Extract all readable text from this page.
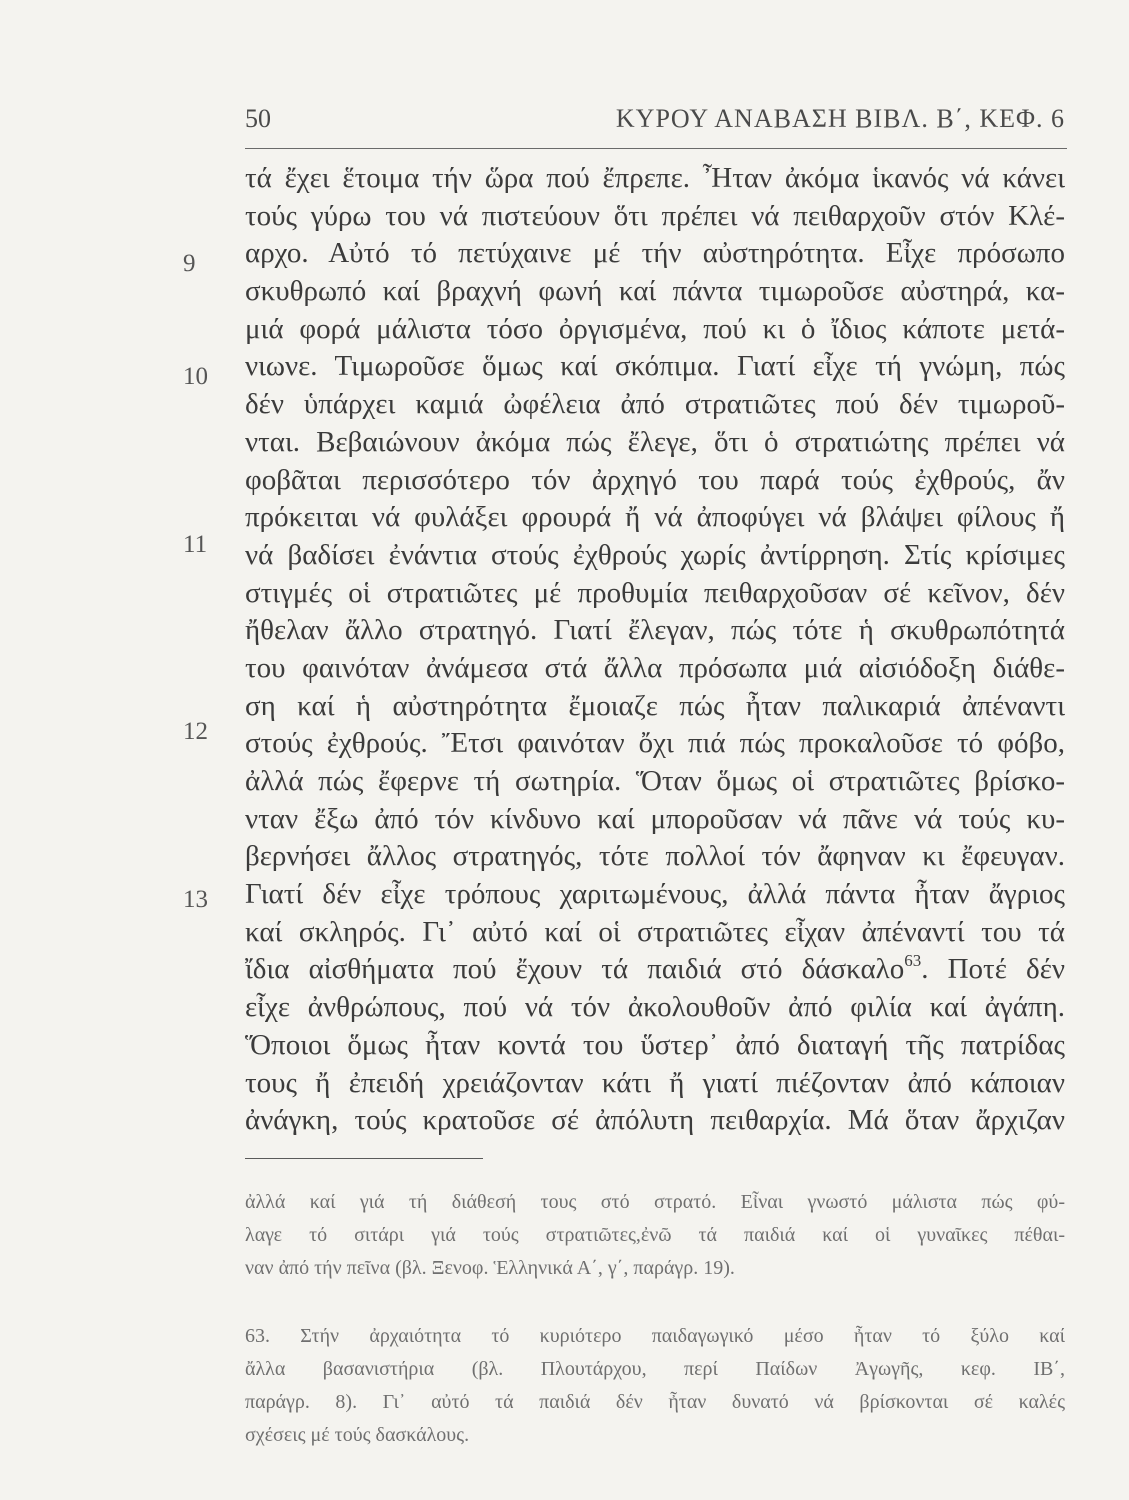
50	ΚΥΡΟΥ ΑΝΑΒΑΣΗ ΒΙΒΛ. Β΄, ΚΕΦ. 6
9
10
11
12
13
τά ἔχει ἕτοιμα τήν ὥρα πού ἔπρεπε. Ἦταν ἀκόμα ἱκανός νά κάνει
τούς γύρω του νά πιστεύουν ὅτι πρέπει νά πειθαρχοῦν στόν Κλέ-
αρχο. Αὐτό τό πετύχαινε μέ τήν αὐστηρότητα. Εἶχε πρόσωπο
σκυθρωπό καί βραχνή φωνή καί πάντα τιμωροῦσε αὐστηρά, κα-
μιά φορά μάλιστα τόσο ὀργισμένα, πού κι ὁ ἴδιος κάποτε μετά-
νιωνε. Τιμωροῦσε ὅμως καί σκόπιμα. Γιατί εἶχε τή γνώμη, πώς
δέν ὑπάρχει καμιά ὠφέλεια ἀπό στρατιῶτες πού δέν τιμωροῦ-
νται. Βεβαιώνουν ἀκόμα πώς ἔλεγε, ὅτι ὁ στρατιώτης πρέπει νά
φοβᾶται περισσότερο τόν ἀρχηγό του παρά τούς ἐχθρούς, ἄν
πρόκειται νά φυλάξει φρουρά ἤ νά ἀποφύγει νά βλάψει φίλους ἤ
νά βαδίσει ἐνάντια στούς ἐχθρούς χωρίς ἀντίρρηση. Στίς κρίσιμες
στιγμές οἱ στρατιῶτες μέ προθυμία πειθαρχοῦσαν σέ κεῖνον, δέν
ἤθελαν ἄλλο στρατηγό. Γιατί ἔλεγαν, πώς τότε ἡ σκυθρωπότητά
του φαινόταν ἀνάμεσα στά ἄλλα πρόσωπα μιά αἰσιόδοξη διάθε-
ση καί ἡ αὐστηρότητα ἔμοιαζε πώς ἦταν παλικαριά ἀπέναντι
στούς ἐχθρούς. Ἔτσι φαινόταν ὄχι πιά πώς προκαλοῦσε τό φόβο,
ἀλλά πώς ἔφερνε τή σωτηρία. Ὅταν ὅμως οἱ στρατιῶτες βρίσκο-
νταν ἔξω ἀπό τόν κίνδυνο καί μποροῦσαν νά πᾶνε νά τούς κυ-
βερνήσει ἄλλος στρατηγός, τότε πολλοί τόν ἄφηναν κι ἔφευγαν.
Γιατί δέν εἶχε τρόπους χαριτωμένους, ἀλλά πάντα ἦταν ἄγριος
καί σκληρός. Γι᾽ αὐτό καί οἱ στρατιῶτες εἶχαν ἀπέναντί του τά
ἴδια αἰσθήματα πού ἔχουν τά παιδιά στό δάσκαλο$^{63}$. Ποτέ δέν
εἶχε ἀνθρώπους, πού νά τόν ἀκολουθοῦν ἀπό φιλία καί ἀγάπη.
Ὅποιοι ὅμως ἦταν κοντά του ὕστερ᾽ ἀπό διαταγή τῆς πατρίδας
τους ἤ ἐπειδή χρειάζονταν κάτι ἤ γιατί πιέζονταν ἀπό κάποιαν
ἀνάγκη, τούς κρατοῦσε σέ ἀπόλυτη πειθαρχία. Μά ὅταν ἄρχιζαν
ἀλλά καί γιά τή διάθεσή τους στό στρατό. Εἶναι γνωστό μάλιστα πώς φύ-
λαγε τό σιτάρι γιά τούς στρατιῶτες,ἐνῶ τά παιδιά καί οἱ γυναῖκες πέθαι-
ναν ἀπό τήν πεῖνα (βλ. Ξενοφ. Ἑλληνικά Α΄, γ΄, παράγρ. 19).
63. Στήν ἀρχαιότητα τό κυριότερο παιδαγωγικό μέσο ἦταν τό ξύλο καί
ἄλλα βασανιστήρια (βλ. Πλουτάρχου, περί Παίδων Ἀγωγῆς, κεφ. ΙΒ΄,
παράγρ. 8). Γι᾽ αὐτό τά παιδιά δέν ἦταν δυνατό νά βρίσκονται σέ καλές
σχέσεις μέ τούς δασκάλους.
